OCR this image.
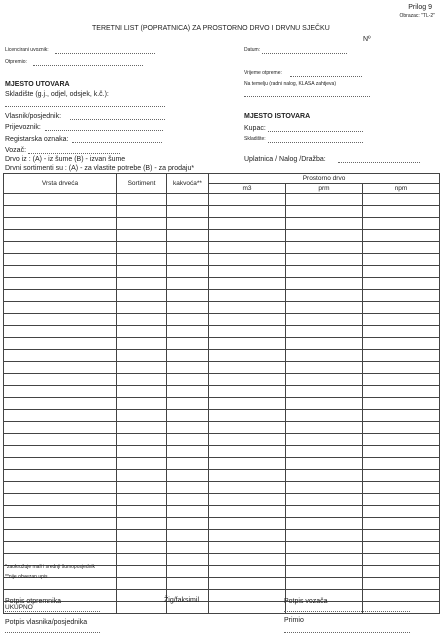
Prilog 9
Obrazac: "TL-2"
TERETNI LIST (POPRATNICA) ZA PROSTORNO DRVO I DRVNU SJEČKU
Nº
Licencirani uvoznik:
Otpremio:
Datum:
Vrijeme otpreme:
Na temelju (radni nalog, KLASA zahtjeva)
MJESTO UTOVARA
Skladište (g.j., odjel, odsjek, k.č.):
Vlasnik/posjednik:
Prijevoznik:
Registarska oznaka:
Vozač:
Drvo iz : (A) - iz šume (B) - izvan šume
Drvni sortimenti su : (A) - za vlastite potrebe (B) - za prodaju*
MJESTO ISTOVARA
Kupac:
Skladište:
Uplatnica / Nalog /Dražba:
Vrsta drveća	Sortiment	kakvoća**	Prostorno drvo		
			m3	prm	npm

UKUPNO					
*zaokružuje mali i srednji šumoposjednik
**nije obvezan upis
Potpis otpremnika	Žig/faksimil	Potpis vozača
Potpis vlasnika/posjednika	Primio
